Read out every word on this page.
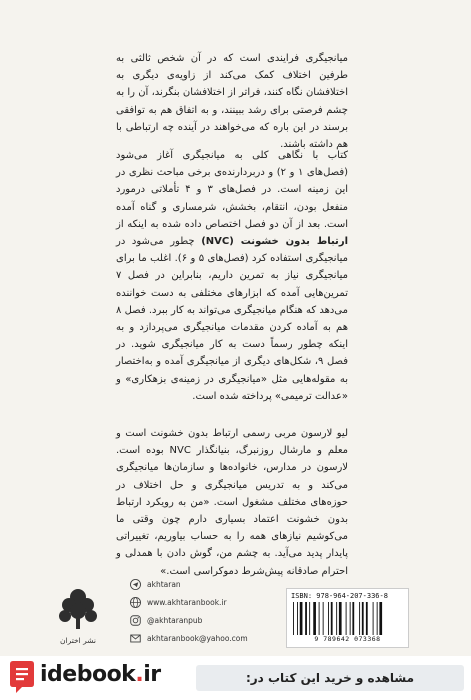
میانجیگری فرایندی است که در آن شخص ثالثی به طرفین اختلاف کمک می‌کند از زاویه‌ی دیگری به اختلافشان نگاه کنند، فراتر از اختلافشان بنگرند، آن را به چشم فرصتی برای رشد ببینند، و به اتفاق هم به توافقی برسند در این باره که می‌خواهند در آینده چه ارتباطی با هم داشته باشند.

کتاب با نگاهی کلی به میانجیگری آغاز می‌شود (فصل‌های ۱ و ۲) و دربردارنده‌ی برخی مباحث نظری در این زمینه است. در فصل‌های ۳ و ۴ تأملاتی درمورد منفعل بودن، انتقام، بخشش، شرمساری و گناه آمده است. بعد از آن دو فصل اختصاص داده شده به اینکه از ارتباط بدون خشونت (NVC) چطور می‌شود در میانجیگری استفاده کرد (فصل‌های ۵ و ۶). اغلب ما برای میانجیگری نیاز به تمرین داریم، بنابراین در فصل ۷ تمرین‌هایی آمده که ابزارهای مختلفی به دست خواننده می‌دهد که هنگام میانجیگری می‌تواند به کار ببرد. فصل ۸ هم به آماده کردن مقدمات میانجیگری می‌پردازد و به اینکه چطور رسماً دست به کار میانجیگری شوید. در فصل ۹، شکل‌های دیگری از میانجیگری آمده و به‌اختصار به مقوله‌هایی مثل «میانجیگری در زمینه‌ی بزهکاری» و «عدالت ترمیمی» پرداخته شده است.

لیو لارسون مربی رسمی ارتباط بدون خشونت است و معلم و مارشال روزنبرگ، بنیانگذار NVC بوده است. لارسون در مدارس، خانواده‌ها و سازمان‌ها میانجیگری می‌کند و به تدریس میانجیگری و حل اختلاف در حوزه‌های مختلف مشغول است. «من به رویکرد ارتباط بدون خشونت اعتماد بسیاری دارم چون وقتی ما می‌کوشیم نیازهای همه را به حساب بیاوریم، تغییراتی پایدار پدید می‌آید. به چشم من، گوش دادن با همدلی و احترام صادقانه پیش‌شرط دموکراسی است.»

نشر اختران
akhtaran
www.akhtaranbook.ir
@akhtaranpub
akhtaranbook@yahoo.com
ISBN: 978-964-207-336-8
9 789642 073368
idebook.ir	مشاهده و خرید این کتاب در:
